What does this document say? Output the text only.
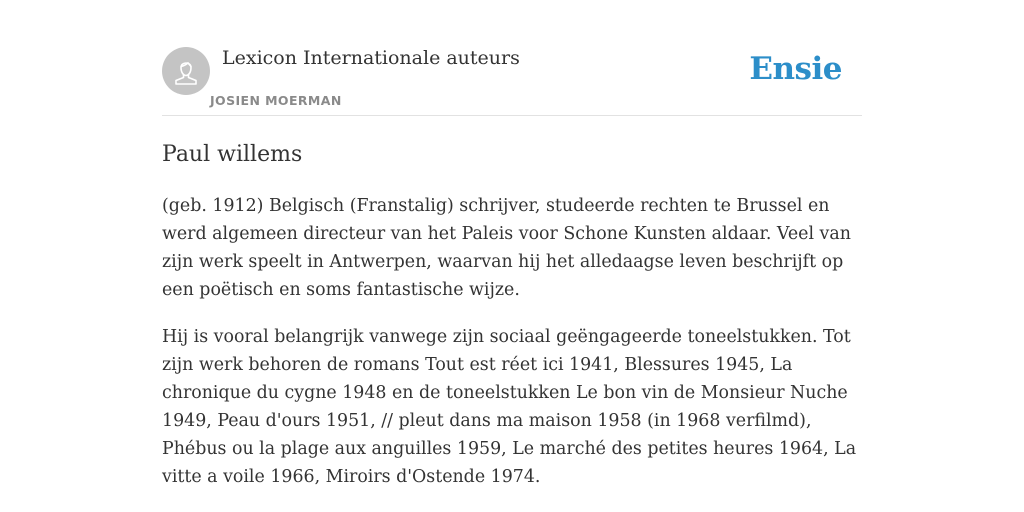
Lexicon Internationale auteurs
JOSIEN MOERMAN
Ensie
Paul willems

(geb. 1912) Belgisch (Franstalig) schrijver, studeerde rechten te Brussel en werd algemeen directeur van het Paleis voor Schone Kunsten aldaar. Veel van zijn werk speelt in Antwerpen, waarvan hij het alledaagse leven beschrijft op een poëtisch en soms fantastische wijze.

Hij is vooral belangrijk vanwege zijn sociaal geëngageerde toneelstukken. Tot zijn werk behoren de romans Tout est réet ici 1941, Blessures 1945, La chronique du cygne 1948 en de toneelstukken Le bon vin de Monsieur Nuche 1949, Peau d'ours 1951, // pleut dans ma maison 1958 (in 1968 verfilmd), Phébus ou la plage aux anguilles 1959, Le marché des petites heures 1964, La vitte a voile 1966, Miroirs d'Ostende 1974.
